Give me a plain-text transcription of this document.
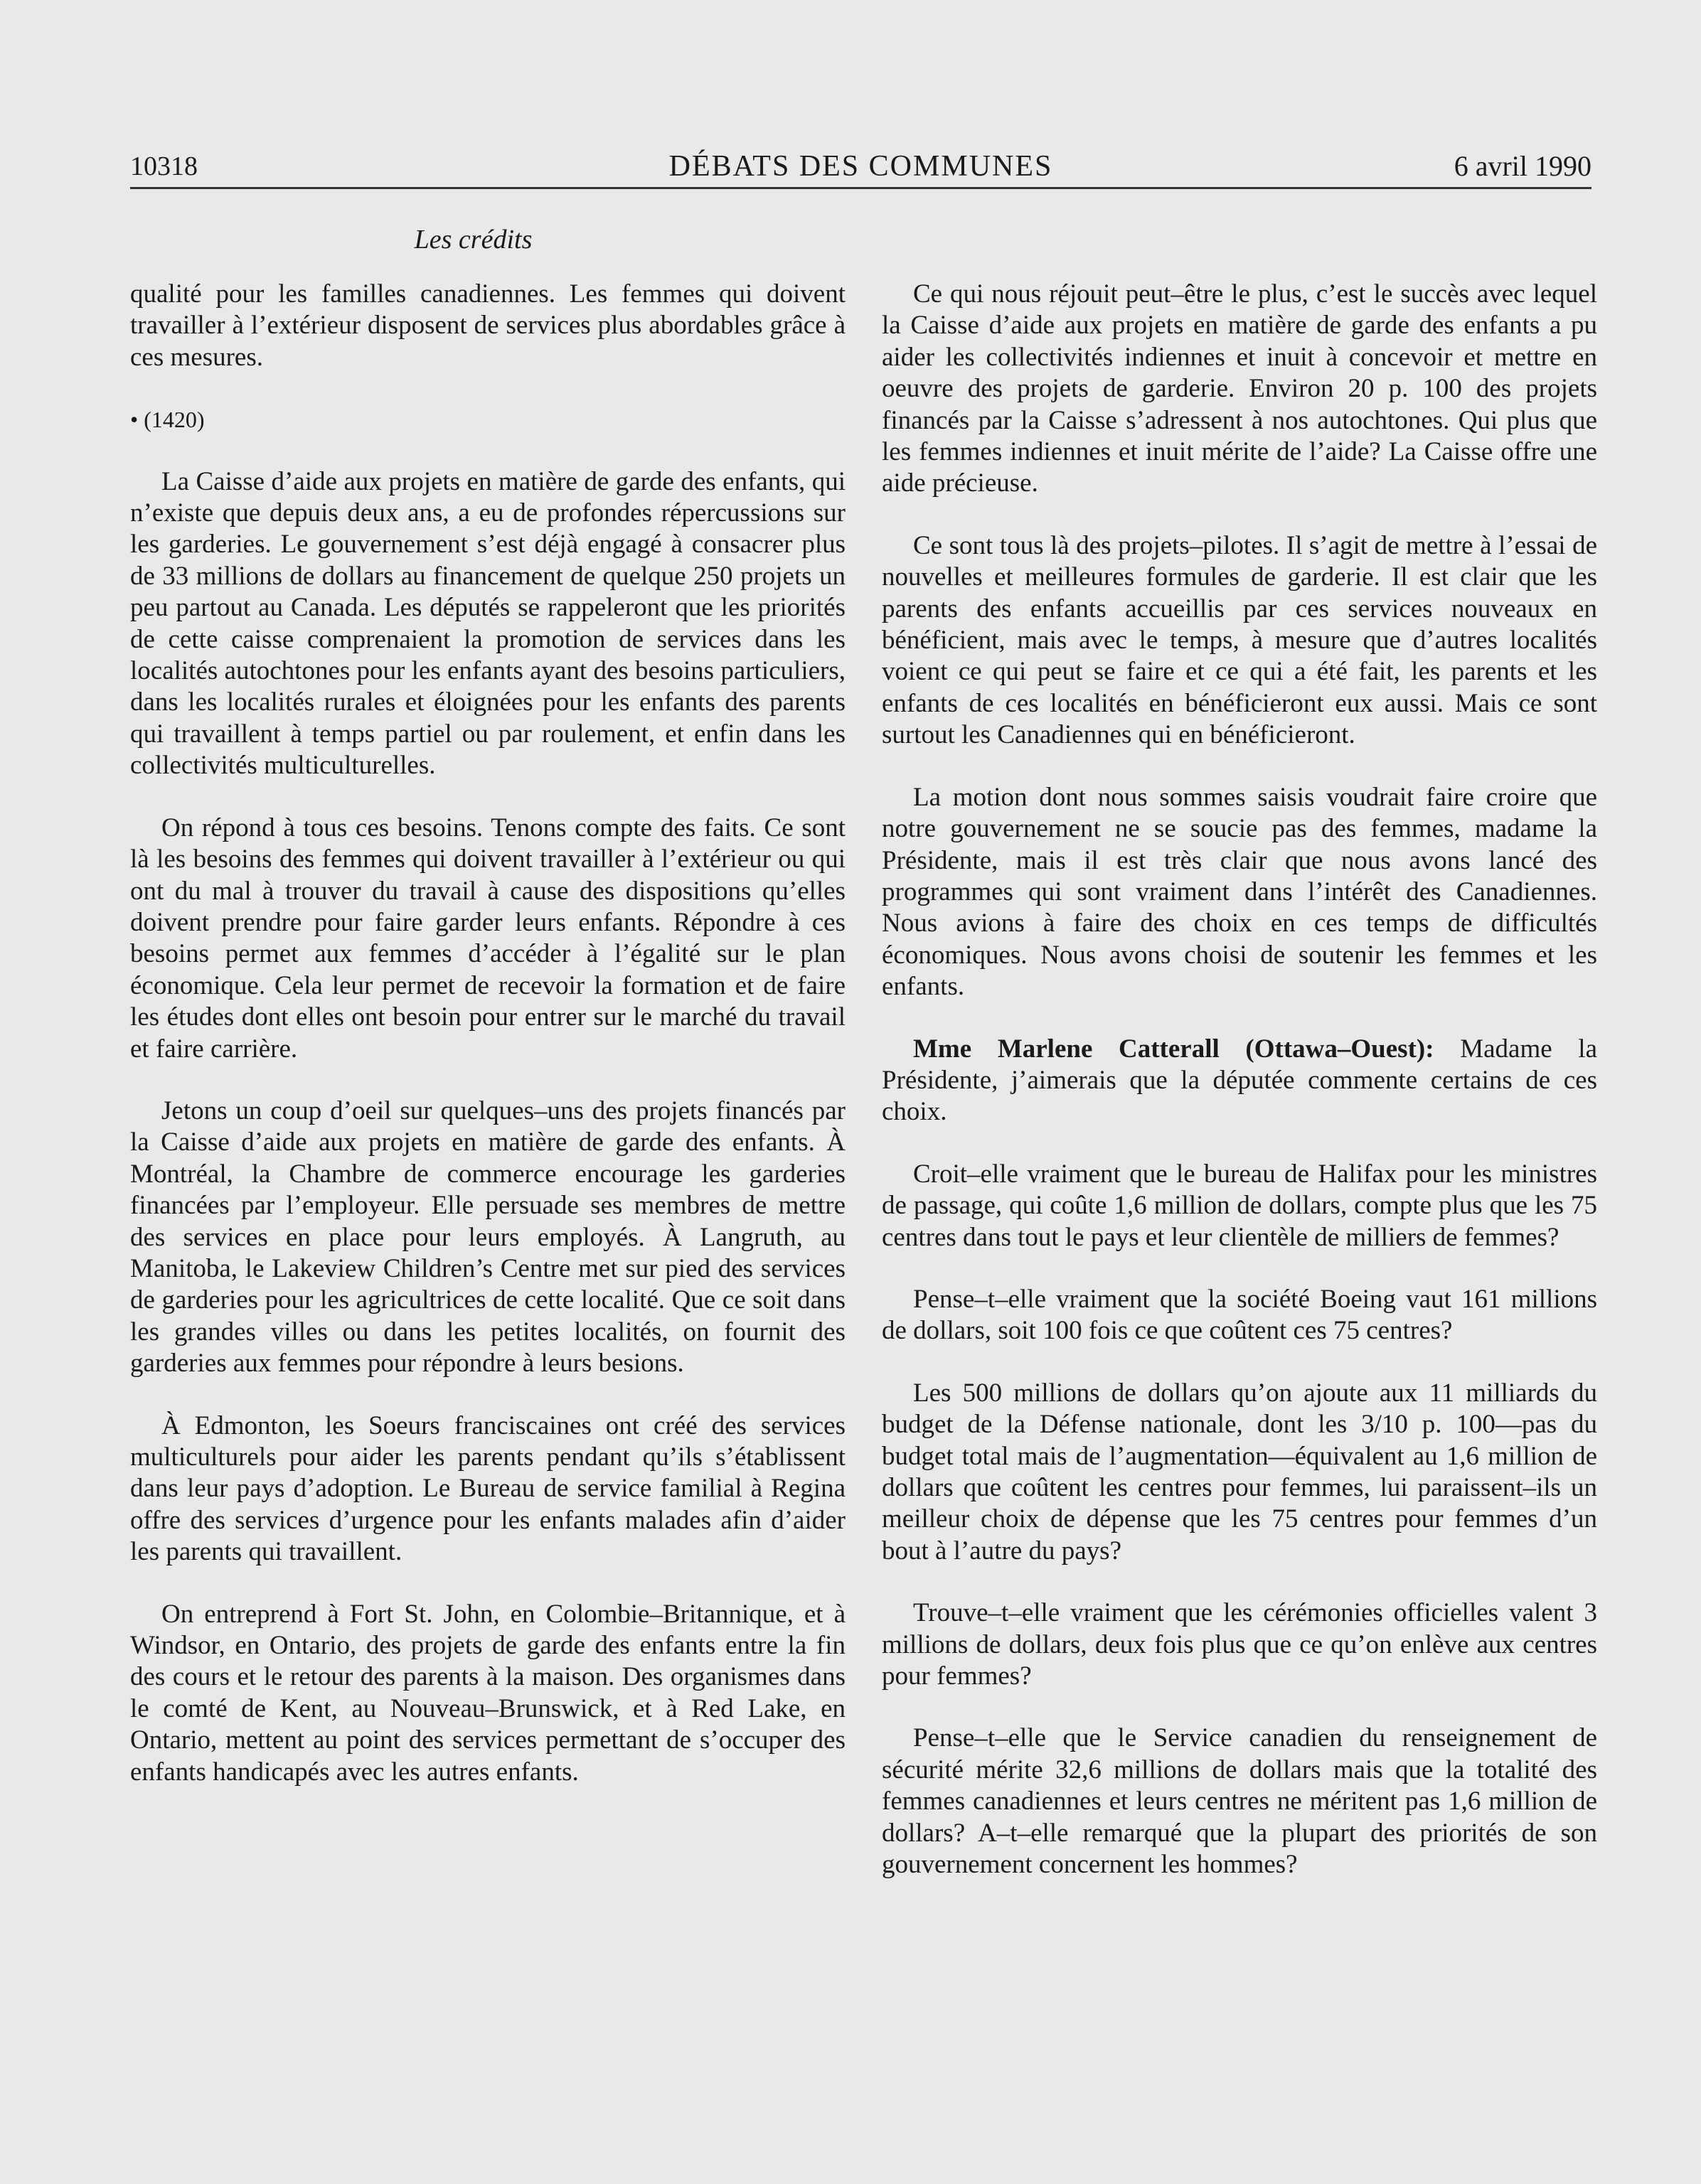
10318	DÉBATS DES COMMUNES	6 avril 1990
Les crédits

qualité pour les familles canadiennes. Les femmes qui doivent travailler à l’extérieur disposent de services plus abordables grâce à ces mesures.

• (1420)

La Caisse d’aide aux projets en matière de garde des enfants, qui n’existe que depuis deux ans, a eu de profondes répercussions sur les garderies. Le gouvernement s’est déjà engagé à consacrer plus de 33 millions de dollars au financement de quelque 250 projets un peu partout au Canada. Les députés se rappeleront que les priorités de cette caisse comprenaient la promotion de services dans les localités autochtones pour les enfants ayant des besoins particuliers, dans les localités rurales et éloignées pour les enfants des parents qui travaillent à temps partiel ou par roulement, et enfin dans les collectivités multiculturelles.

On répond à tous ces besoins. Tenons compte des faits. Ce sont là les besoins des femmes qui doivent travailler à l’extérieur ou qui ont du mal à trouver du travail à cause des dispositions qu’elles doivent prendre pour faire garder leurs enfants. Répondre à ces besoins permet aux femmes d’accéder à l’égalité sur le plan économique. Cela leur permet de recevoir la formation et de faire les études dont elles ont besoin pour entrer sur le marché du travail et faire carrière.

Jetons un coup d’oeil sur quelques–uns des projets financés par la Caisse d’aide aux projets en matière de garde des enfants. À Montréal, la Chambre de commerce encourage les garderies financées par l’employeur. Elle persuade ses membres de mettre des services en place pour leurs employés. À Langruth, au Manitoba, le Lakeview Children’s Centre met sur pied des services de garderies pour les agricultrices de cette localité. Que ce soit dans les grandes villes ou dans les petites localités, on fournit des garderies aux femmes pour répondre à leurs besions.

À Edmonton, les Soeurs franciscaines ont créé des services multiculturels pour aider les parents pendant qu’ils s’établissent dans leur pays d’adoption. Le Bureau de service familial à Regina offre des services d’urgence pour les enfants malades afin d’aider les parents qui travaillent.

On entreprend à Fort St. John, en Colombie–Britannique, et à Windsor, en Ontario, des projets de garde des enfants entre la fin des cours et le retour des parents à la maison. Des organismes dans le comté de Kent, au Nouveau–Brunswick, et à Red Lake, en Ontario, mettent au point des services permettant de s’occuper des enfants handicapés avec les autres enfants.

Ce qui nous réjouit peut–être le plus, c’est le succès avec lequel la Caisse d’aide aux projets en matière de garde des enfants a pu aider les collectivités indiennes et inuit à concevoir et mettre en oeuvre des projets de garderie. Environ 20 p. 100 des projets financés par la Caisse s’adressent à nos autochtones. Qui plus que les femmes indiennes et inuit mérite de l’aide? La Caisse offre une aide précieuse.

Ce sont tous là des projets–pilotes. Il s’agit de mettre à l’essai de nouvelles et meilleures formules de garderie. Il est clair que les parents des enfants accueillis par ces services nouveaux en bénéficient, mais avec le temps, à mesure que d’autres localités voient ce qui peut se faire et ce qui a été fait, les parents et les enfants de ces localités en bénéficieront eux aussi. Mais ce sont surtout les Canadiennes qui en bénéficieront.

La motion dont nous sommes saisis voudrait faire croire que notre gouvernement ne se soucie pas des femmes, madame la Présidente, mais il est très clair que nous avons lancé des programmes qui sont vraiment dans l’intérêt des Canadiennes. Nous avions à faire des choix en ces temps de difficultés économiques. Nous avons choisi de soutenir les femmes et les enfants.

Mme Marlene Catterall (Ottawa–Ouest): Madame la Présidente, j’aimerais que la députée commente certains de ces choix.

Croit–elle vraiment que le bureau de Halifax pour les ministres de passage, qui coûte 1,6 million de dollars, compte plus que les 75 centres dans tout le pays et leur clientèle de milliers de femmes?

Pense–t–elle vraiment que la société Boeing vaut 161 millions de dollars, soit 100 fois ce que coûtent ces 75 centres?

Les 500 millions de dollars qu’on ajoute aux 11 milliards du budget de la Défense nationale, dont les 3/10 p. 100—pas du budget total mais de l’augmentation—équivalent au 1,6 million de dollars que coûtent les centres pour femmes, lui paraissent–ils un meilleur choix de dépense que les 75 centres pour femmes d’un bout à l’autre du pays?

Trouve–t–elle vraiment que les cérémonies officielles valent 3 millions de dollars, deux fois plus que ce qu’on enlève aux centres pour femmes?

Pense–t–elle que le Service canadien du renseignement de sécurité mérite 32,6 millions de dollars mais que la totalité des femmes canadiennes et leurs centres ne méritent pas 1,6 million de dollars? A–t–elle remarqué que la plupart des priorités de son gouvernement concernent les hommes?
